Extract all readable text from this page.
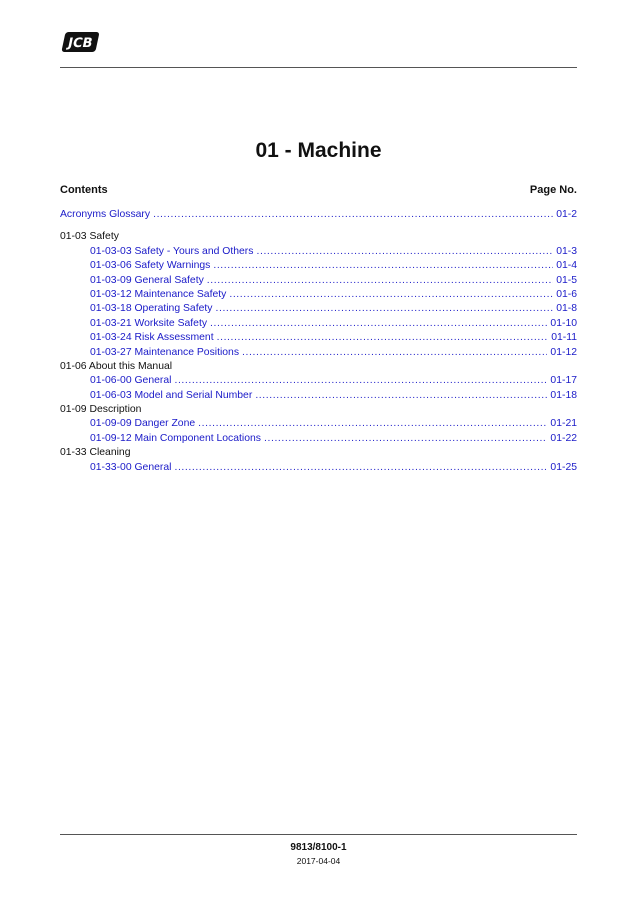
JCB
01 - Machine
Contents	Page No.
Acronyms Glossary .....	01-2
01-03 Safety
01-03-03 Safety - Yours and Others .....	01-3
01-03-06 Safety Warnings .....	01-4
01-03-09 General Safety .....	01-5
01-03-12 Maintenance Safety .....	01-6
01-03-18 Operating Safety .....	01-8
01-03-21 Worksite Safety .....	01-10
01-03-24 Risk Assessment .....	01-11
01-03-27 Maintenance Positions .....	01-12
01-06 About this Manual
01-06-00 General .....	01-17
01-06-03 Model and Serial Number .....	01-18
01-09 Description
01-09-09 Danger Zone .....	01-21
01-09-12 Main Component Locations .....	01-22
01-33 Cleaning
01-33-00 General .....	01-25
9813/8100-1
2017-04-04
